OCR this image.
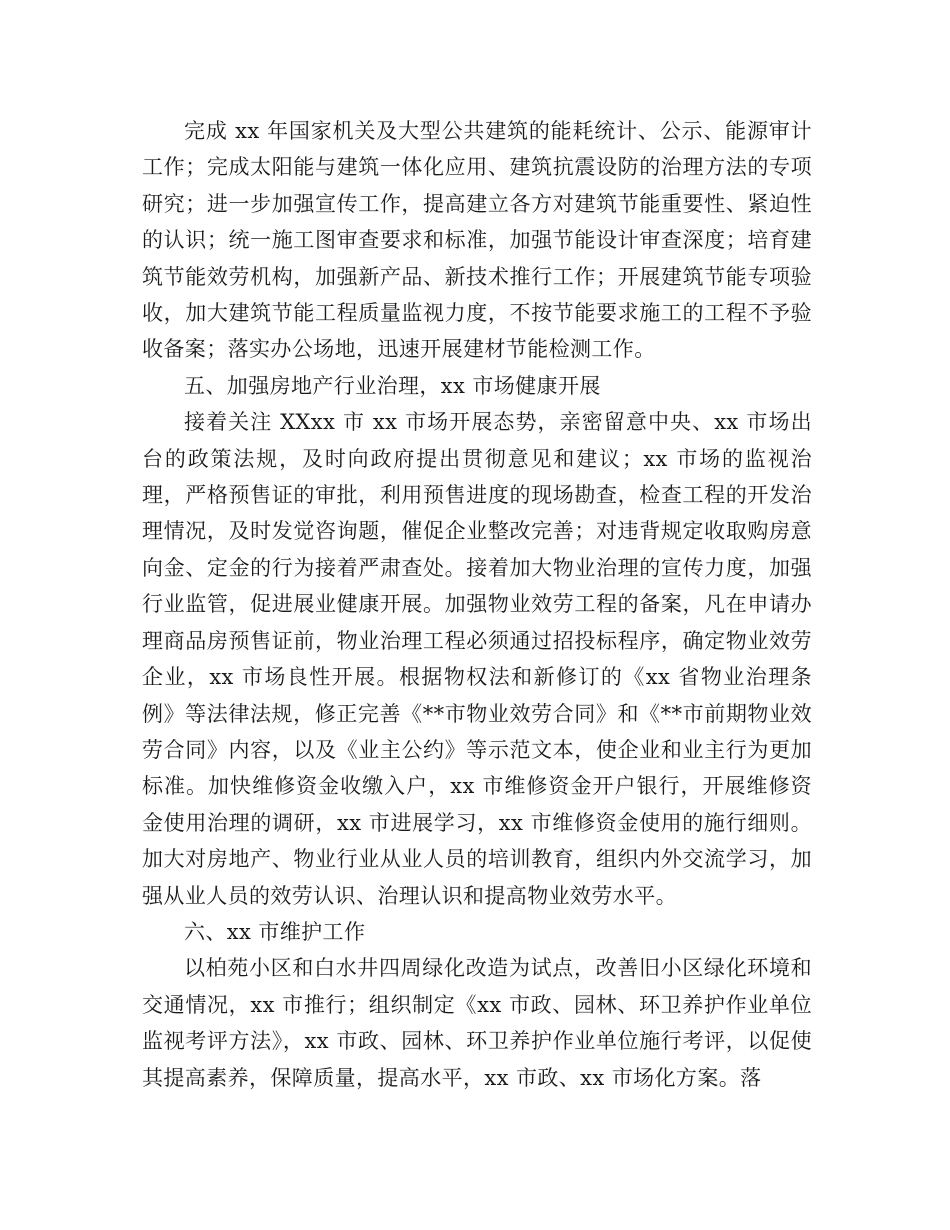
完成 xx 年国家机关及大型公共建筑的能耗统计、公示、能源审计工作；完成太阳能与建筑一体化应用、建筑抗震设防的治理方法的专项研究；进一步加强宣传工作，提高建立各方对建筑节能重要性、紧迫性的认识；统一施工图审查要求和标准，加强节能设计审查深度；培育建筑节能效劳机构，加强新产品、新技术推行工作；开展建筑节能专项验收，加大建筑节能工程质量监视力度，不按节能要求施工的工程不予验收备案；落实办公场地，迅速开展建材节能检测工作。

五、加强房地产行业治理，xx 市场健康开展

接着关注 XXxx 市 xx 市场开展态势，亲密留意中央、xx 市场出台的政策法规，及时向政府提出贯彻意见和建议；xx 市场的监视治理，严格预售证的审批，利用预售进度的现场勘查，检查工程的开发治理情况，及时发觉咨询题，催促企业整改完善；对违背规定收取购房意向金、定金的行为接着严肃查处。接着加大物业治理的宣传力度，加强行业监管，促进展业健康开展。加强物业效劳工程的备案，凡在申请办理商品房预售证前，物业治理工程必须通过招投标程序，确定物业效劳企业，xx 市场良性开展。根据物权法和新修订的《xx 省物业治理条例》等法律法规，修正完善《**市物业效劳合同》和《**市前期物业效劳合同》内容，以及《业主公约》等示范文本，使企业和业主行为更加标准。加快维修资金收缴入户，xx 市维修资金开户银行，开展维修资金使用治理的调研，xx 市进展学习，xx 市维修资金使用的施行细则。加大对房地产、物业行业从业人员的培训教育，组织内外交流学习，加强从业人员的效劳认识、治理认识和提高物业效劳水平。

六、xx 市维护工作

以柏苑小区和白水井四周绿化改造为试点，改善旧小区绿化环境和交通情况，xx 市推行；组织制定《xx 市政、园林、环卫养护作业单位监视考评方法》，xx 市政、园林、环卫养护作业单位施行考评，以促使其提高素养，保障质量，提高水平，xx 市政、xx 市场化方案。落
